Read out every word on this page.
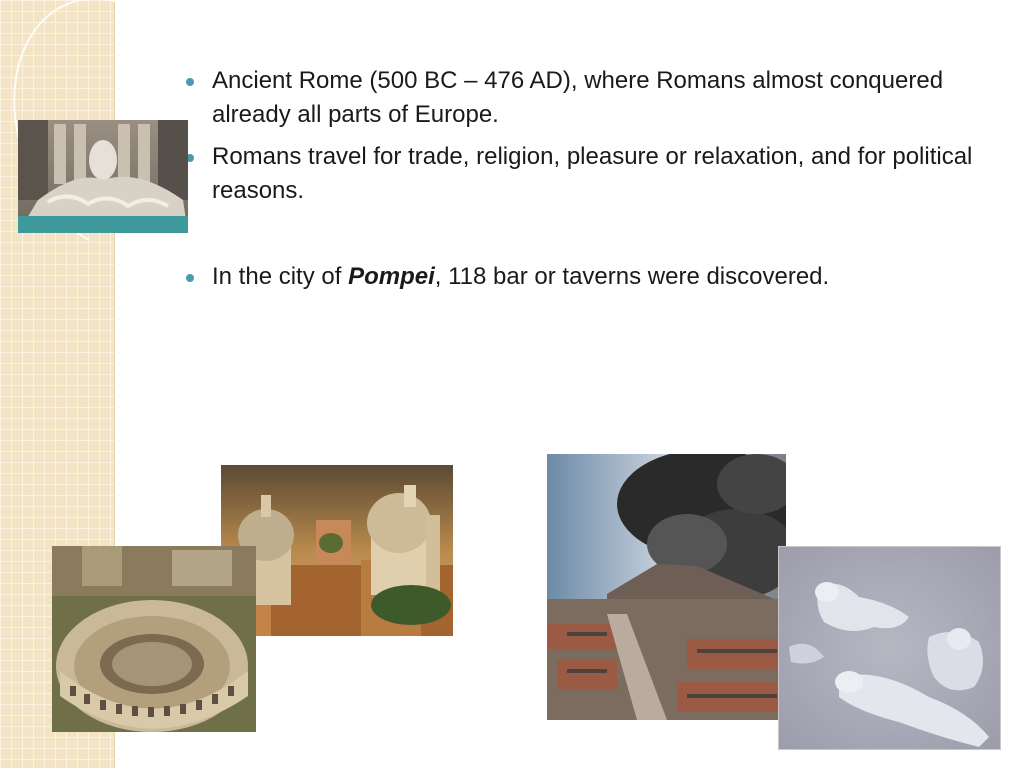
Ancient Rome (500 BC – 476 AD), where Romans almost conquered already all parts of Europe.
Romans travel for trade, religion, pleasure or relaxation, and for political reasons.
In the city of Pompei, 118 bar or taverns were discovered.
